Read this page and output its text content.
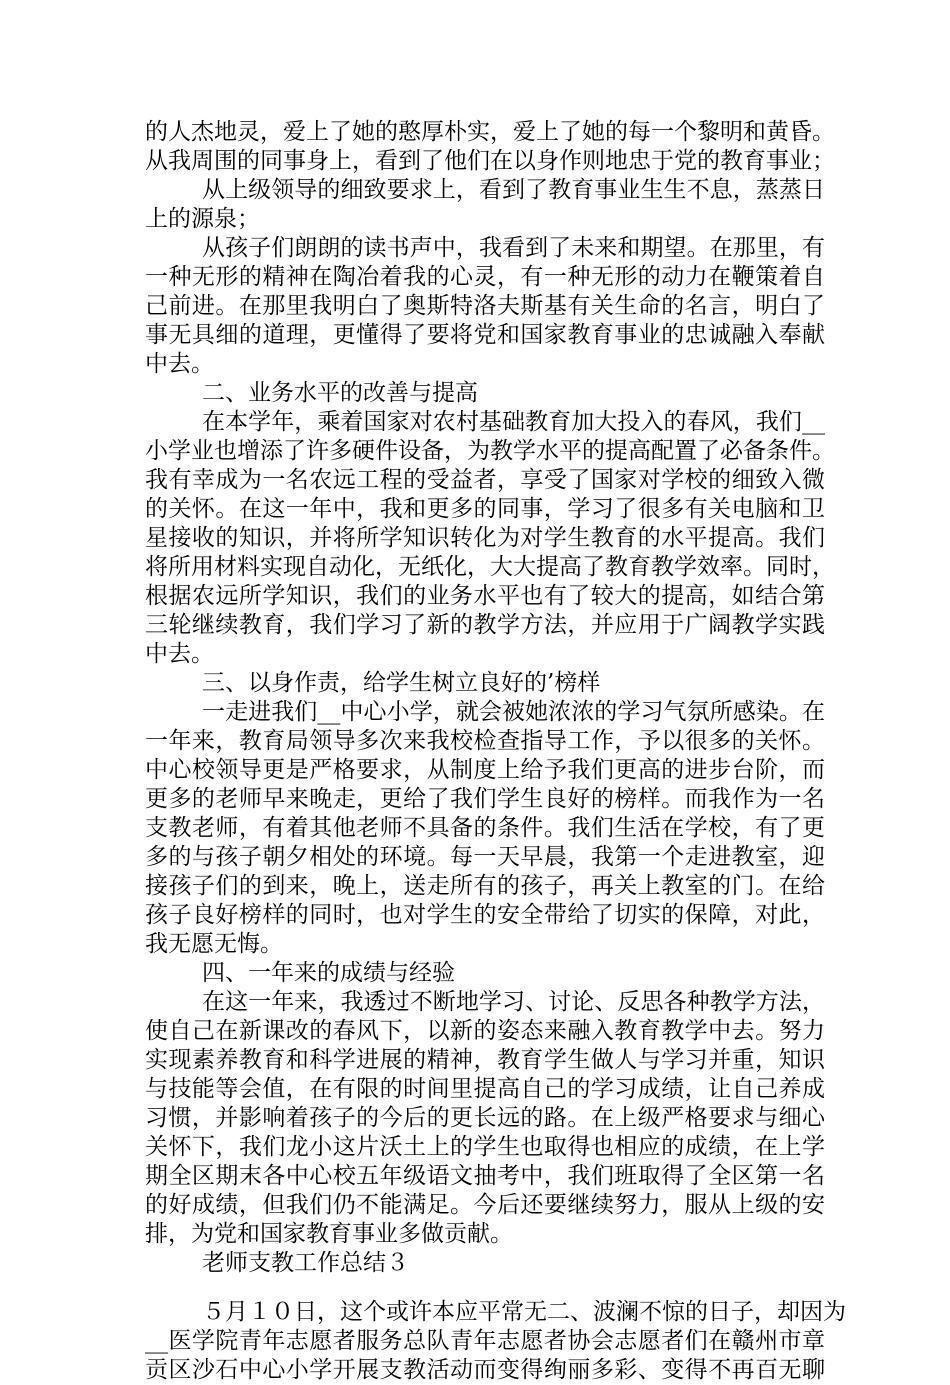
的人杰地灵，爱上了她的憨厚朴实，爱上了她的每一个黎明和黄昏。
从我周围的同事身上，看到了他们在以身作则地忠于党的教育事业；
从上级领导的细致要求上，看到了教育事业生生不息，蒸蒸日
上的源泉；
从孩子们朗朗的读书声中，我看到了未来和期望。在那里，有
一种无形的精神在陶冶着我的心灵，有一种无形的动力在鞭策着自
己前进。在那里我明白了奥斯特洛夫斯基有关生命的名言，明白了
事无具细的道理，更懂得了要将党和国家教育事业的忠诚融入奉献
中去。
二、业务水平的改善与提高
在本学年，乘着国家对农村基础教育加大投入的春风，我们__
小学业也增添了许多硬件设备，为教学水平的提高配置了必备条件。
我有幸成为一名农远工程的受益者，享受了国家对学校的细致入微
的关怀。在这一年中，我和更多的同事，学习了很多有关电脑和卫
星接收的知识，并将所学知识转化为对学生教育的水平提高。我们
将所用材料实现自动化，无纸化，大大提高了教育教学效率。同时，
根据农远所学知识，我们的业务水平也有了较大的提高，如结合第
三轮继续教育，我们学习了新的教学方法，并应用于广阔教学实践
中去。
三、以身作责，给学生树立良好的’榜样
一走进我们__中心小学，就会被她浓浓的学习气氛所感染。在
一年来，教育局领导多次来我校检查指导工作，予以很多的关怀。
中心校领导更是严格要求，从制度上给予我们更高的进步台阶，而
更多的老师早来晚走，更给了我们学生良好的榜样。而我作为一名
支教老师，有着其他老师不具备的条件。我们生活在学校，有了更
多的与孩子朝夕相处的环境。每一天早晨，我第一个走进教室，迎
接孩子们的到来，晚上，送走所有的孩子，再关上教室的门。在给
孩子良好榜样的同时，也对学生的安全带给了切实的保障，对此，
我无愿无悔。
四、一年来的成绩与经验
在这一年来，我透过不断地学习、讨论、反思各种教学方法，
使自己在新课改的春风下，以新的姿态来融入教育教学中去。努力
实现素养教育和科学进展的精神，教育学生做人与学习并重，知识
与技能等会值，在有限的时间里提高自己的学习成绩，让自己养成
习惯，并影响着孩子的今后的更长远的路。在上级严格要求与细心
关怀下，我们龙小这片沃土上的学生也取得也相应的成绩，在上学
期全区期末各中心校五年级语文抽考中，我们班取得了全区第一名
的好成绩，但我们仍不能满足。今后还要继续努力，服从上级的安
排，为党和国家教育事业多做贡献。
老师支教工作总结３
５月１０日，这个或许本应平常无二、波澜不惊的日子，却因为
__医学院青年志愿者服务总队青年志愿者协会志愿者们在赣州市章
贡区沙石中心小学开展支教活动而变得绚丽多彩、变得不再百无聊
